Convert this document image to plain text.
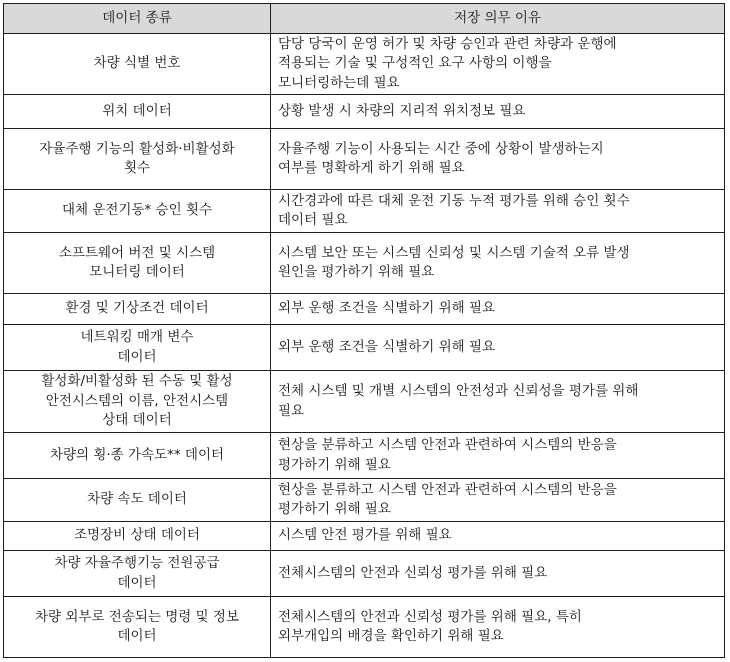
데이터 종류	저장 의무 이유

차량 식별 번호	담당 당국이 운영 허가 및 차량 승인과 관련 차량과 운행에
적용되는 기술 및 구성적인 요구 사항의 이행을
모니터링하는데 필요

위치 데이터	상황 발생 시 차량의 지리적 위치정보 필요

자율주행 기능의 활성화·비활성화
횟수	자율주행 기능이 사용되는 시간 중에 상황이 발생하는지
여부를 명확하게 하기 위해 필요

대체 운전기동* 승인 횟수	시간경과에 따른 대체 운전 기동 누적 평가를 위해 승인 횟수
데이터 필요

소프트웨어 버전 및 시스템
모니터링 데이터	시스템 보안 또는 시스템 신뢰성 및 시스템 기술적 오류 발생
원인을 평가하기 위해 필요

환경 및 기상조건 데이터	외부 운행 조건을 식별하기 위해 필요

네트워킹 매개 변수
데이터	외부 운행 조건을 식별하기 위해 필요

활성화/비활성화 된 수동 및 활성
안전시스템의 이름, 안전시스템
상태 데이터	전체 시스템 및 개별 시스템의 안전성과 신뢰성을 평가를 위해
필요

차량의 횡·종 가속도** 데이터	현상을 분류하고 시스템 안전과 관련하여 시스템의 반응을
평가하기 위해 필요

차량 속도 데이터	현상을 분류하고 시스템 안전과 관련하여 시스템의 반응을
평가하기 위해 필요

조명장비 상태 데이터	시스템 안전 평가를 위해 필요

차량 자율주행기능 전원공급
데이터	전체시스템의 안전과 신뢰성 평가를 위해 필요

차량 외부로 전송되는 명령 및 정보
데이터	전체시스템의 안전과 신뢰성 평가를 위해 필요, 특히
외부개입의 배경을 확인하기 위해 필요
